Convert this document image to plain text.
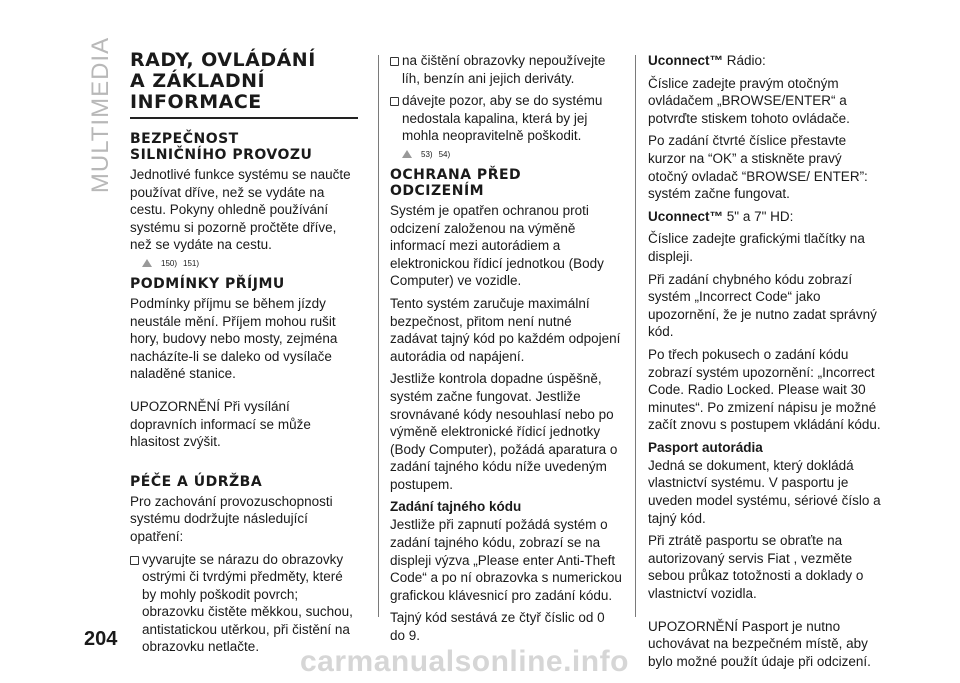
MULTIMEDIA
204
RADY, OVLÁDÁNÍ
A ZÁKLADNÍ
INFORMACE
BEZPEČNOST
SILNIČNÍHO PROVOZU

Jednotlivé funkce systému se naučte používat dříve, než se vydáte na cestu. Pokyny ohledně používání systému si pozorně pročtěte dříve, než se vydáte na cestu.

150) 151)
PODMÍNKY PŘÍJMU

Podmínky příjmu se během jízdy neustále mění. Příjem mohou rušit hory, budovy nebo mosty, zejména nacházíte-li se daleko od vysílače naladěné stanice.

UPOZORNĚNÍ Při vysílání dopravních informací se může hlasitost zvýšit.

PÉČE A ÚDRŽBA

Pro zachování provozuschopnosti systému dodržujte následující opatření:

vyvarujte se nárazu do obrazovky ostrými či tvrdými předměty, které by mohly poškodit povrch; obrazovku čistěte měkkou, suchou, antistatickou utěrkou, při čistění na obrazovku netlačte.

na čištění obrazovky nepoužívejte líh, benzín ani jejich deriváty.

dávejte pozor, aby se do systému nedostala kapalina, která by jej mohla neopravitelně poškodit.

53) 54)
OCHRANA PŘED
ODCIZENÍM

Systém je opatřen ochranou proti odcizení založenou na výměně informací mezi autorádiem a elektronickou řídicí jednotkou (Body Computer) ve vozidle.

Tento systém zaručuje maximální bezpečnost, přitom není nutné zadávat tajný kód po každém odpojení autorádia od napájení.

Jestliže kontrola dopadne úspěšně, systém začne fungovat. Jestliže srovnávané kódy nesouhlasí nebo po výměně elektronické řídicí jednotky (Body Computer), požádá aparatura o zadání tajného kódu níže uvedeným postupem.

Zadání tajného kódu

Jestliže při zapnutí požádá systém o zadání tajného kódu, zobrazí se na displeji výzva „Please enter Anti-Theft Code“ a po ní obrazovka s numerickou grafickou klávesnicí pro zadání kódu.

Tajný kód sestává ze čtyř číslic od 0 do 9.

Uconnect™ Rádio:

Číslice zadejte pravým otočným ovládačem „BROWSE/ENTER“ a potvrďte stiskem tohoto ovládače.

Po zadání čtvrté číslice přestavte kurzor na “OK” a stiskněte pravý otočný ovladač “BROWSE/ ENTER”: systém začne fungovat.

Uconnect™ 5" a 7" HD:

Číslice zadejte grafickými tlačítky na displeji.

Při zadání chybného kódu zobrazí systém „Incorrect Code“ jako upozornění, že je nutno zadat správný kód.

Po třech pokusech o zadání kódu zobrazí systém upozornění: „Incorrect Code. Radio Locked. Please wait 30 minutes“. Po zmizení nápisu je možné začít znovu s postupem vkládání kódu.

Pasport autorádia

Jedná se dokument, který dokládá vlastnictví systému. V pasportu je uveden model systému, sériové číslo a tajný kód.

Při ztrátě pasportu se obraťte na autorizovaný servis Fiat , vezměte sebou průkaz totožnosti a doklady o vlastnictví vozidla.

UPOZORNĚNÍ Pasport je nutno uchovávat na bezpečném místě, aby bylo možné použít údaje při odcizení.

carmanualsonline.info
